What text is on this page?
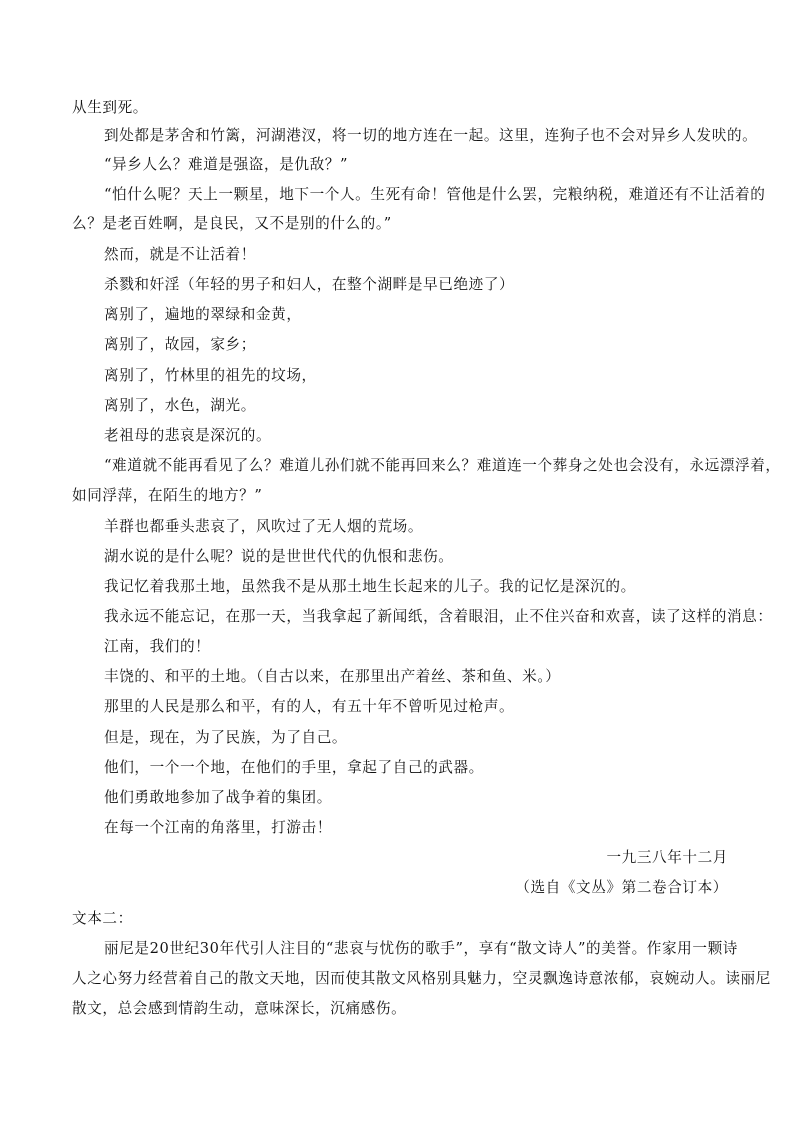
从生到死。
到处都是茅舍和竹篱，河湖港汊，将一切的地方连在一起。这里，连狗子也不会对异乡人发吠的。
“异乡人么？难道是强盗，是仇敌？”
“怕什么呢？天上一颗星，地下一个人。生死有命！管他是什么罢，完粮纳税，难道还有不让活着的
么？是老百姓啊，是良民，又不是别的什么的。”
然而，就是不让活着！
杀戮和奸淫（年轻的男子和妇人，在整个湖畔是早已绝迹了）
离别了，遍地的翠绿和金黄，
离别了，故园，家乡；
离别了，竹林里的祖先的坟场，
离别了，水色，湖光。
老祖母的悲哀是深沉的。
“难道就不能再看见了么？难道儿孙们就不能再回来么？难道连一个葬身之处也会没有，永远漂浮着，
如同浮萍，在陌生的地方？”
羊群也都垂头悲哀了，风吹过了无人烟的荒场。
湖水说的是什么呢？说的是世世代代的仇恨和悲伤。
我记忆着我那土地，虽然我不是从那土地生长起来的儿子。我的记忆是深沉的。
我永远不能忘记，在那一天，当我拿起了新闻纸，含着眼泪，止不住兴奋和欢喜，读了这样的消息：
江南，我们的！
丰饶的、和平的土地。（自古以来，在那里出产着丝、茶和鱼、米。）
那里的人民是那么和平，有的人，有五十年不曾听见过枪声。
但是，现在，为了民族，为了自己。
他们，一个一个地，在他们的手里，拿起了自己的武器。
他们勇敢地参加了战争着的集团。
在每一个江南的角落里，打游击！
一九三八年十二月
（选自《文丛》第二卷合订本）
文本二：
丽尼是20世纪30年代引人注目的“悲哀与忧伤的歌手”，享有“散文诗人”的美誉。作家用一颗诗
人之心努力经营着自己的散文天地，因而使其散文风格别具魅力，空灵飘逸诗意浓郁，哀婉动人。读丽尼
散文，总会感到情韵生动，意味深长，沉痛感伤。
